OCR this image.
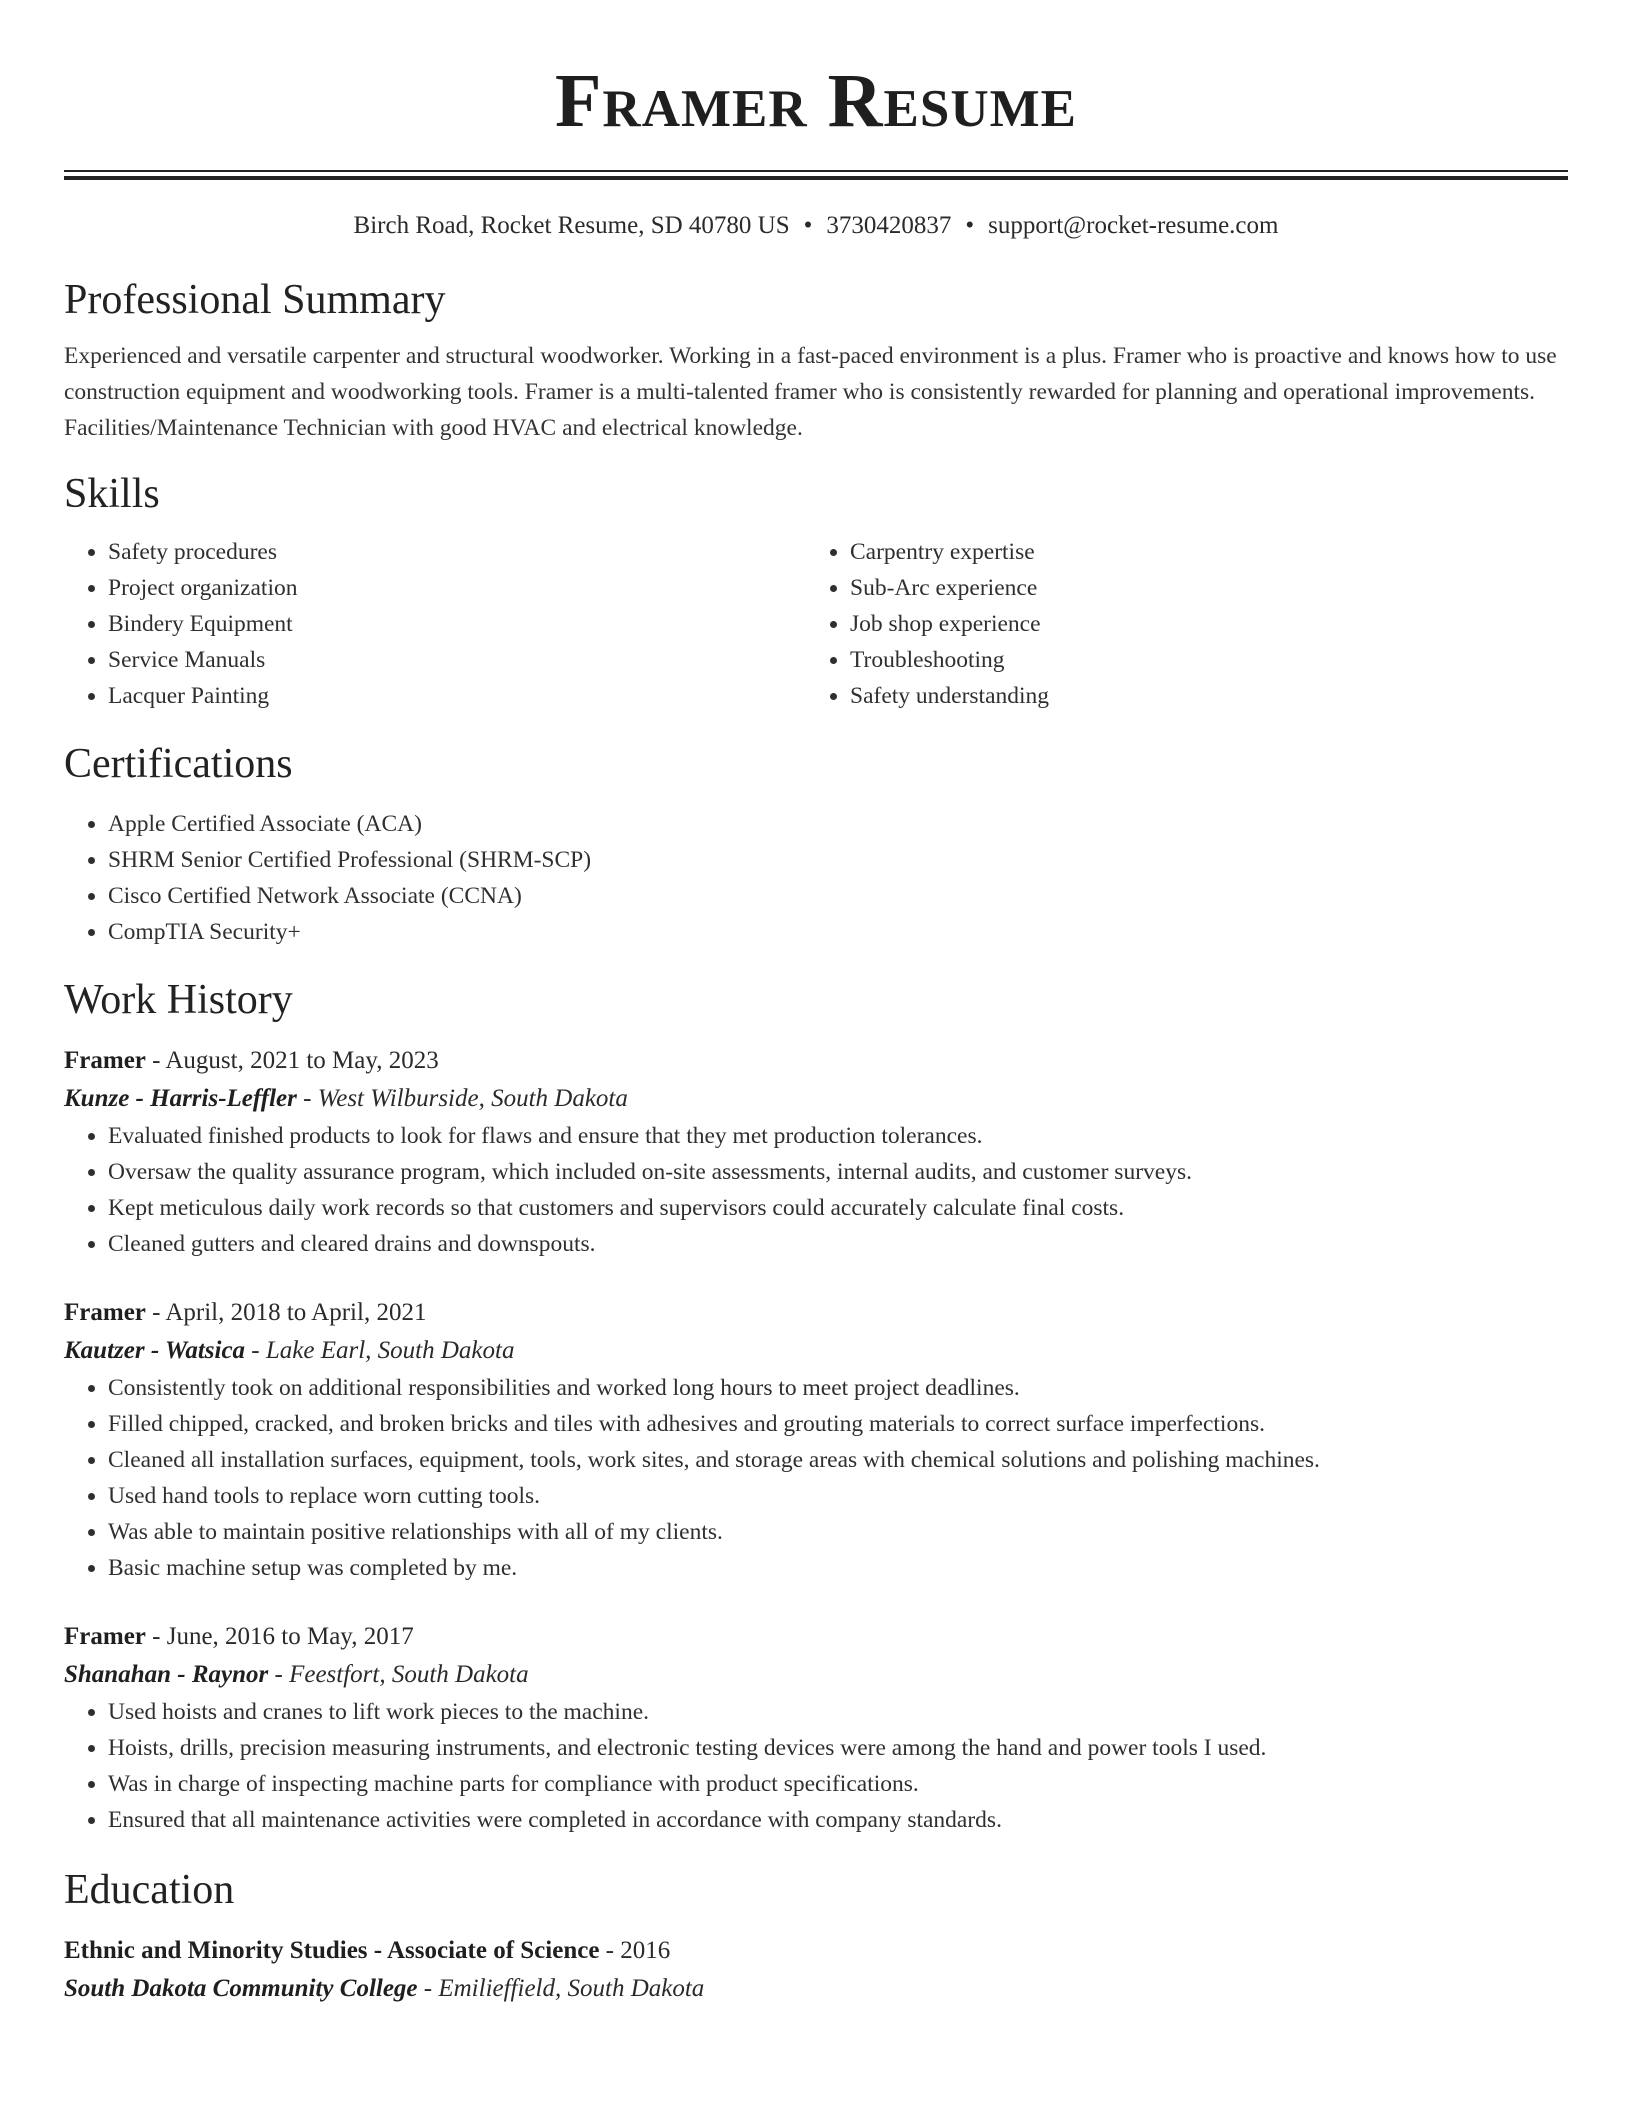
Framer Resume
Birch Road, Rocket Resume, SD 40780 US • 3730420837 • support@rocket-resume.com
Professional Summary

Experienced and versatile carpenter and structural woodworker. Working in a fast-paced environment is a plus. Framer who is proactive and knows how to use construction equipment and woodworking tools. Framer is a multi-talented framer who is consistently rewarded for planning and operational improvements. Facilities/Maintenance Technician with good HVAC and electrical knowledge.

Skills
• Safety procedures
• Project organization
• Bindery Equipment
• Service Manuals
• Lacquer Painting
• Carpentry expertise
• Sub-Arc experience
• Job shop experience
• Troubleshooting
• Safety understanding
Certifications
• Apple Certified Associate (ACA)
• SHRM Senior Certified Professional (SHRM-SCP)
• Cisco Certified Network Associate (CCNA)
• CompTIA Security+
Work History
Framer - August, 2021 to May, 2023
Kunze - Harris-Leffler - West Wilburside, South Dakota
• Evaluated finished products to look for flaws and ensure that they met production tolerances.
• Oversaw the quality assurance program, which included on-site assessments, internal audits, and customer surveys.
• Kept meticulous daily work records so that customers and supervisors could accurately calculate final costs.
• Cleaned gutters and cleared drains and downspouts.
Framer - April, 2018 to April, 2021
Kautzer - Watsica - Lake Earl, South Dakota
• Consistently took on additional responsibilities and worked long hours to meet project deadlines.
• Filled chipped, cracked, and broken bricks and tiles with adhesives and grouting materials to correct surface imperfections.
• Cleaned all installation surfaces, equipment, tools, work sites, and storage areas with chemical solutions and polishing machines.
• Used hand tools to replace worn cutting tools.
• Was able to maintain positive relationships with all of my clients.
• Basic machine setup was completed by me.
Framer - June, 2016 to May, 2017
Shanahan - Raynor - Feestfort, South Dakota
• Used hoists and cranes to lift work pieces to the machine.
• Hoists, drills, precision measuring instruments, and electronic testing devices were among the hand and power tools I used.
• Was in charge of inspecting machine parts for compliance with product specifications.
• Ensured that all maintenance activities were completed in accordance with company standards.
Education
Ethnic and Minority Studies - Associate of Science - 2016
South Dakota Community College - Emilieffield, South Dakota
